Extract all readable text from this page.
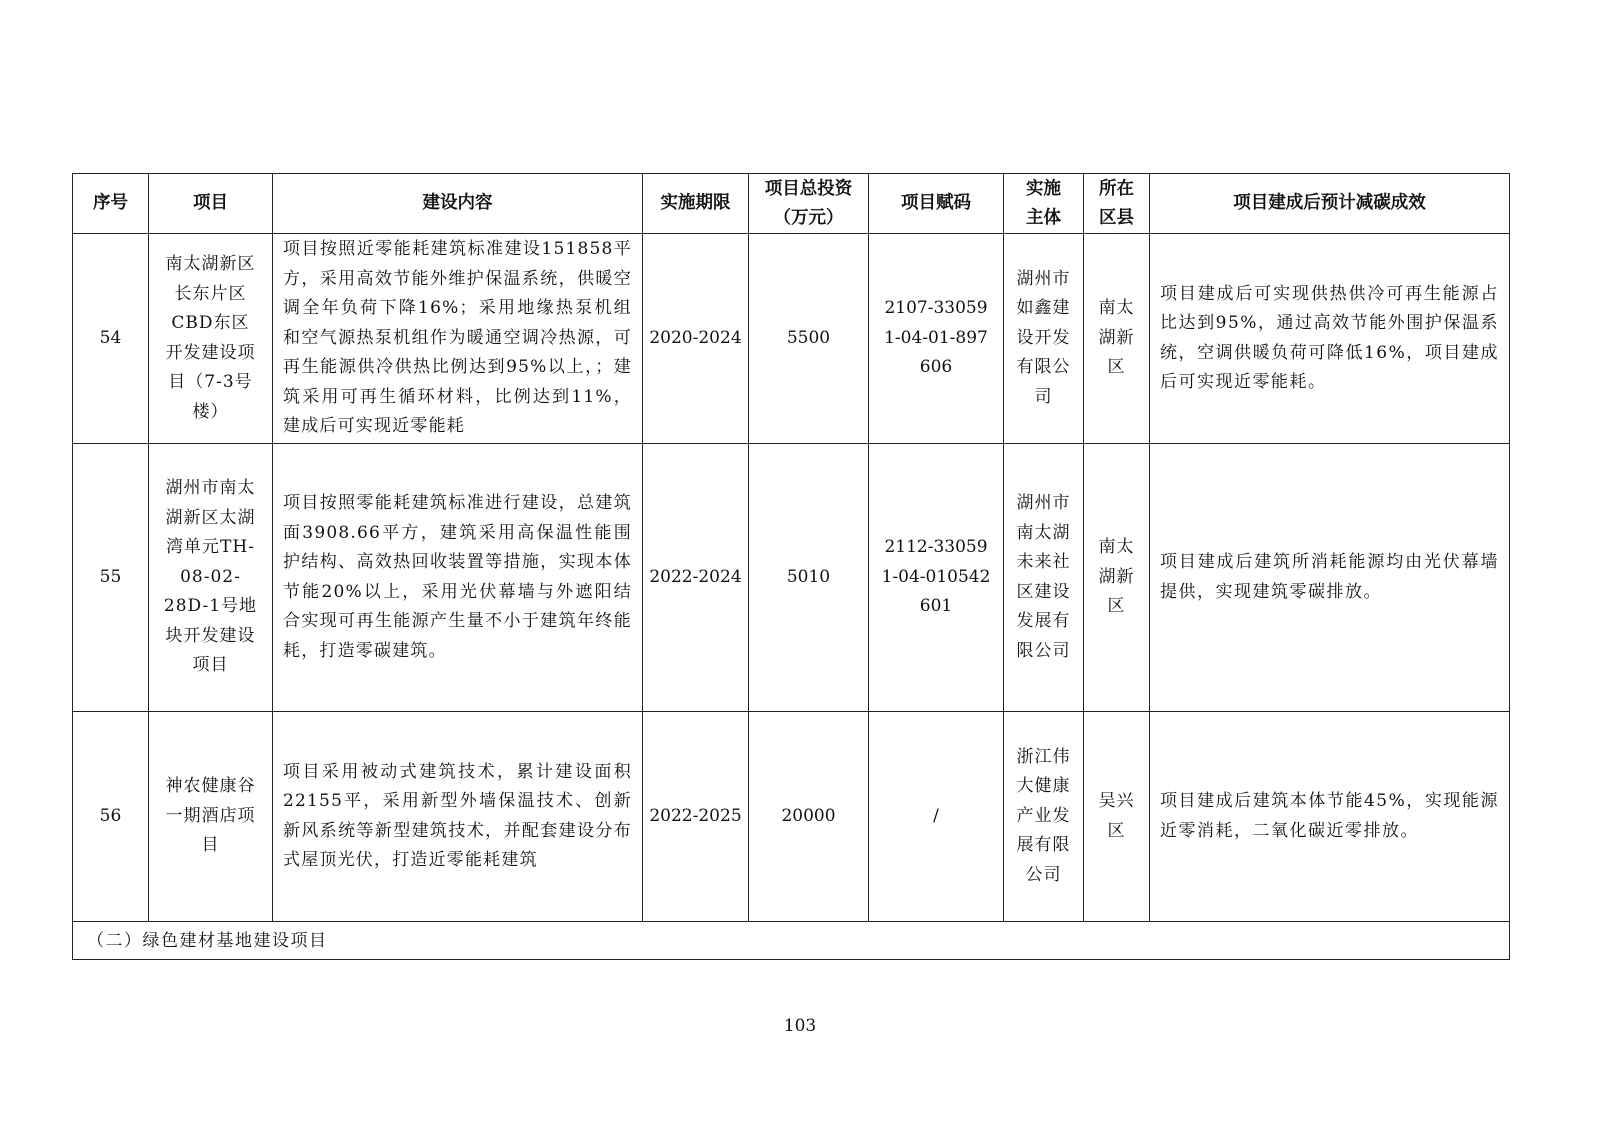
序号	项目	建设内容	实施期限	项目总投资（万元）	项目赋码	实施主体	所在区县	项目建成后预计减碳成效
54	南太湖新区长东片区CBD东区开发建设项目（7-3号楼）	项目按照近零能耗建筑标准建设151858平方，采用高效节能外维护保温系统，供暖空调全年负荷下降16%；采用地缘热泵机组和空气源热泵机组作为暖通空调冷热源，可再生能源供冷供热比例达到95%以上，；建筑采用可再生循环材料，比例达到11%，建成后可实现近零能耗	2020-2024	5500	2107-330591-04-01-897606	湖州市如鑫建设开发有限公司	南太湖新区	项目建成后可实现供热供冷可再生能源占比达到95%，通过高效节能外围护保温系统，空调供暖负荷可降低16%，项目建成后可实现近零能耗。
55	湖州市南太湖新区太湖湾单元TH-08-02-28D-1号地块开发建设项目	项目按照零能耗建筑标准进行建设，总建筑面3908.66平方，建筑采用高保温性能围护结构、高效热回收装置等措施，实现本体节能20%以上，采用光伏幕墙与外遮阳结合实现可再生能源产生量不小于建筑年终能耗，打造零碳建筑。	2022-2024	5010	2112-330591-04-010542601	湖州市南太湖未来社区建设发展有限公司	南太湖新区	项目建成后建筑所消耗能源均由光伏幕墙提供，实现建筑零碳排放。
56	神农健康谷一期酒店项目	项目采用被动式建筑技术，累计建设面积22155平，采用新型外墙保温技术、创新新风系统等新型建筑技术，并配套建设分布式屋顶光伏，打造近零能耗建筑	2022-2025	20000	/	浙江伟大健康产业发展有限公司	吴兴区	项目建成后建筑本体节能45%，实现能源近零消耗，二氧化碳近零排放。
（二）绿色建材基地建设项目								
103
